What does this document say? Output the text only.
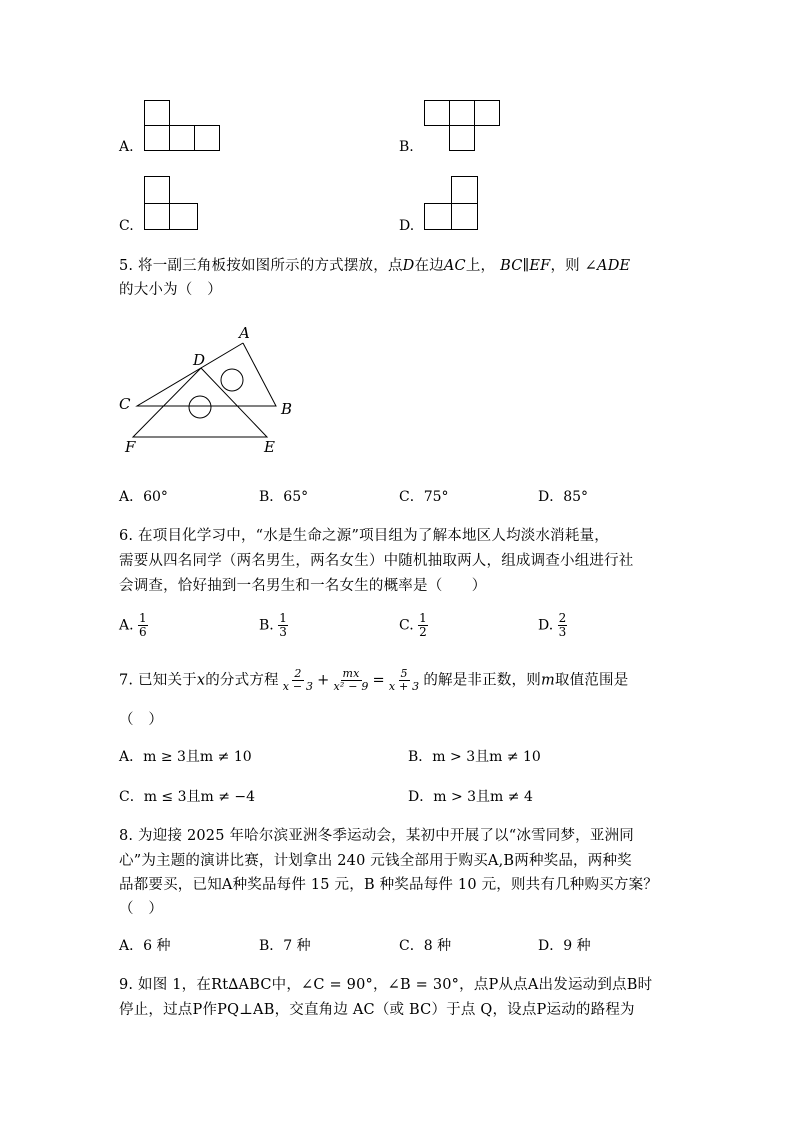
A.	B.
C.	D.
5. 将一副三角板按如图所示的方式摆放，点D在边AC上， BC∥EF，则 ∠ADE
的大小为（　）
A
D
C	B
F	E
A．60°	B．65°	C．75°	D．85°
6. 在项目化学习中，“水是生命之源”项目组为了解本地区人均淡水消耗量，
需要从四名同学（两名男生，两名女生）中随机抽取两人，组成调查小组进行社
会调查，恰好抽到一名男生和一名女生的概率是（　　）
A. $\frac{1}{6}$	B. $\frac{1}{3}$	C. $\frac{1}{2}$	D. $\frac{2}{3}$
7. 已知关于x的分式方程 $\frac{2}{x - 3} + \frac{mx}{\text{x² − 9}} = \frac{5}{x + 3}$ 的解是非正数，则m取值范围是
（　）
A．m ≥ 3且m ≠ 10	B．m > 3且m ≠ 10
C．m ≤ 3且m ≠ −4	D．m > 3且m ≠ 4
8. 为迎接 2025 年哈尔滨亚洲冬季运动会，某初中开展了以“冰雪同梦，亚洲同
心”为主题的演讲比赛，计划拿出 240 元钱全部用于购买A,B两种奖品，两种奖
品都要买，已知A种奖品每件 15 元，B 种奖品每件 10 元，则共有几种购买方案？
（　）
A．6 种	B．7 种	C．8 种	D．9 种
9. 如图 1，在Rt∆ABC中，∠C = 90°，∠B = 30°，点P从点A出发运动到点B时
停止，过点P作PQ⊥AB，交直角边 AC（或 BC）于点 Q，设点P运动的路程为
